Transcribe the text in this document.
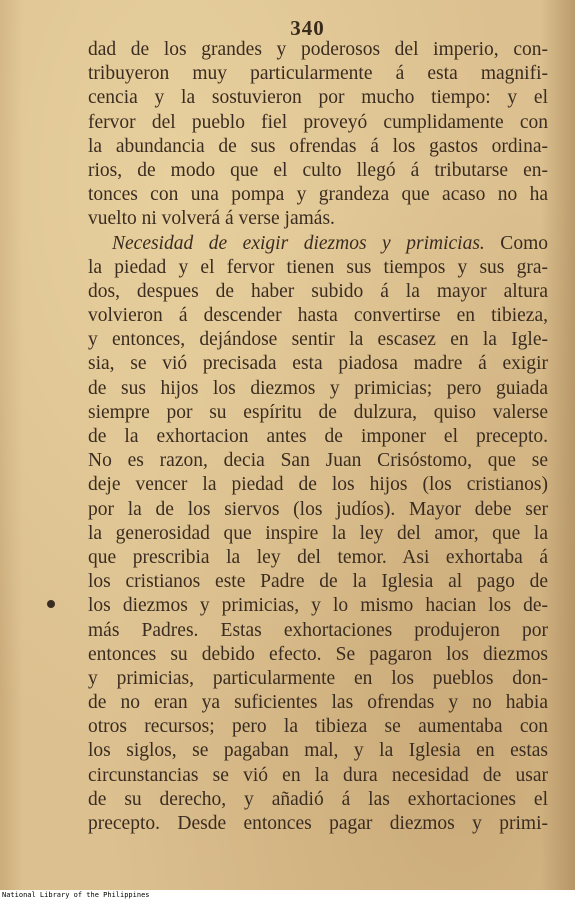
340
dad de los grandes y poderosos del imperio, con-
tribuyeron muy particularmente á esta magnifi-
cencia y la sostuvieron por mucho tiempo: y el
fervor del pueblo fiel proveyó cumplidamente con
la abundancia de sus ofrendas á los gastos ordina-
rios, de modo que el culto llegó á tributarse en-
tonces con una pompa y grandeza que acaso no ha
vuelto ni volverá á verse jamás.
Necesidad de exigir diezmos y primicias. Como
la piedad y el fervor tienen sus tiempos y sus gra-
dos, despues de haber subido á la mayor altura
volvieron á descender hasta convertirse en tibieza,
y entonces, dejándose sentir la escasez en la Igle-
sia, se vió precisada esta piadosa madre á exigir
de sus hijos los diezmos y primicias; pero guiada
siempre por su espíritu de dulzura, quiso valerse
de la exhortacion antes de imponer el precepto.
No es razon, decia San Juan Crisóstomo, que se
deje vencer la piedad de los hijos (los cristianos)
por la de los siervos (los judíos). Mayor debe ser
la generosidad que inspire la ley del amor, que la
que prescribia la ley del temor. Asi exhortaba á
los cristianos este Padre de la Iglesia al pago de
los diezmos y primicias, y lo mismo hacian los de-
más Padres. Estas exhortaciones produjeron por
entonces su debido efecto. Se pagaron los diezmos
y primicias, particularmente en los pueblos don-
de no eran ya suficientes las ofrendas y no habia
otros recursos; pero la tibieza se aumentaba con
los siglos, se pagaban mal, y la Iglesia en estas
circunstancias se vió en la dura necesidad de usar
de su derecho, y añadió á las exhortaciones el
precepto. Desde entonces pagar diezmos y primi-
National Library of the Philippines
